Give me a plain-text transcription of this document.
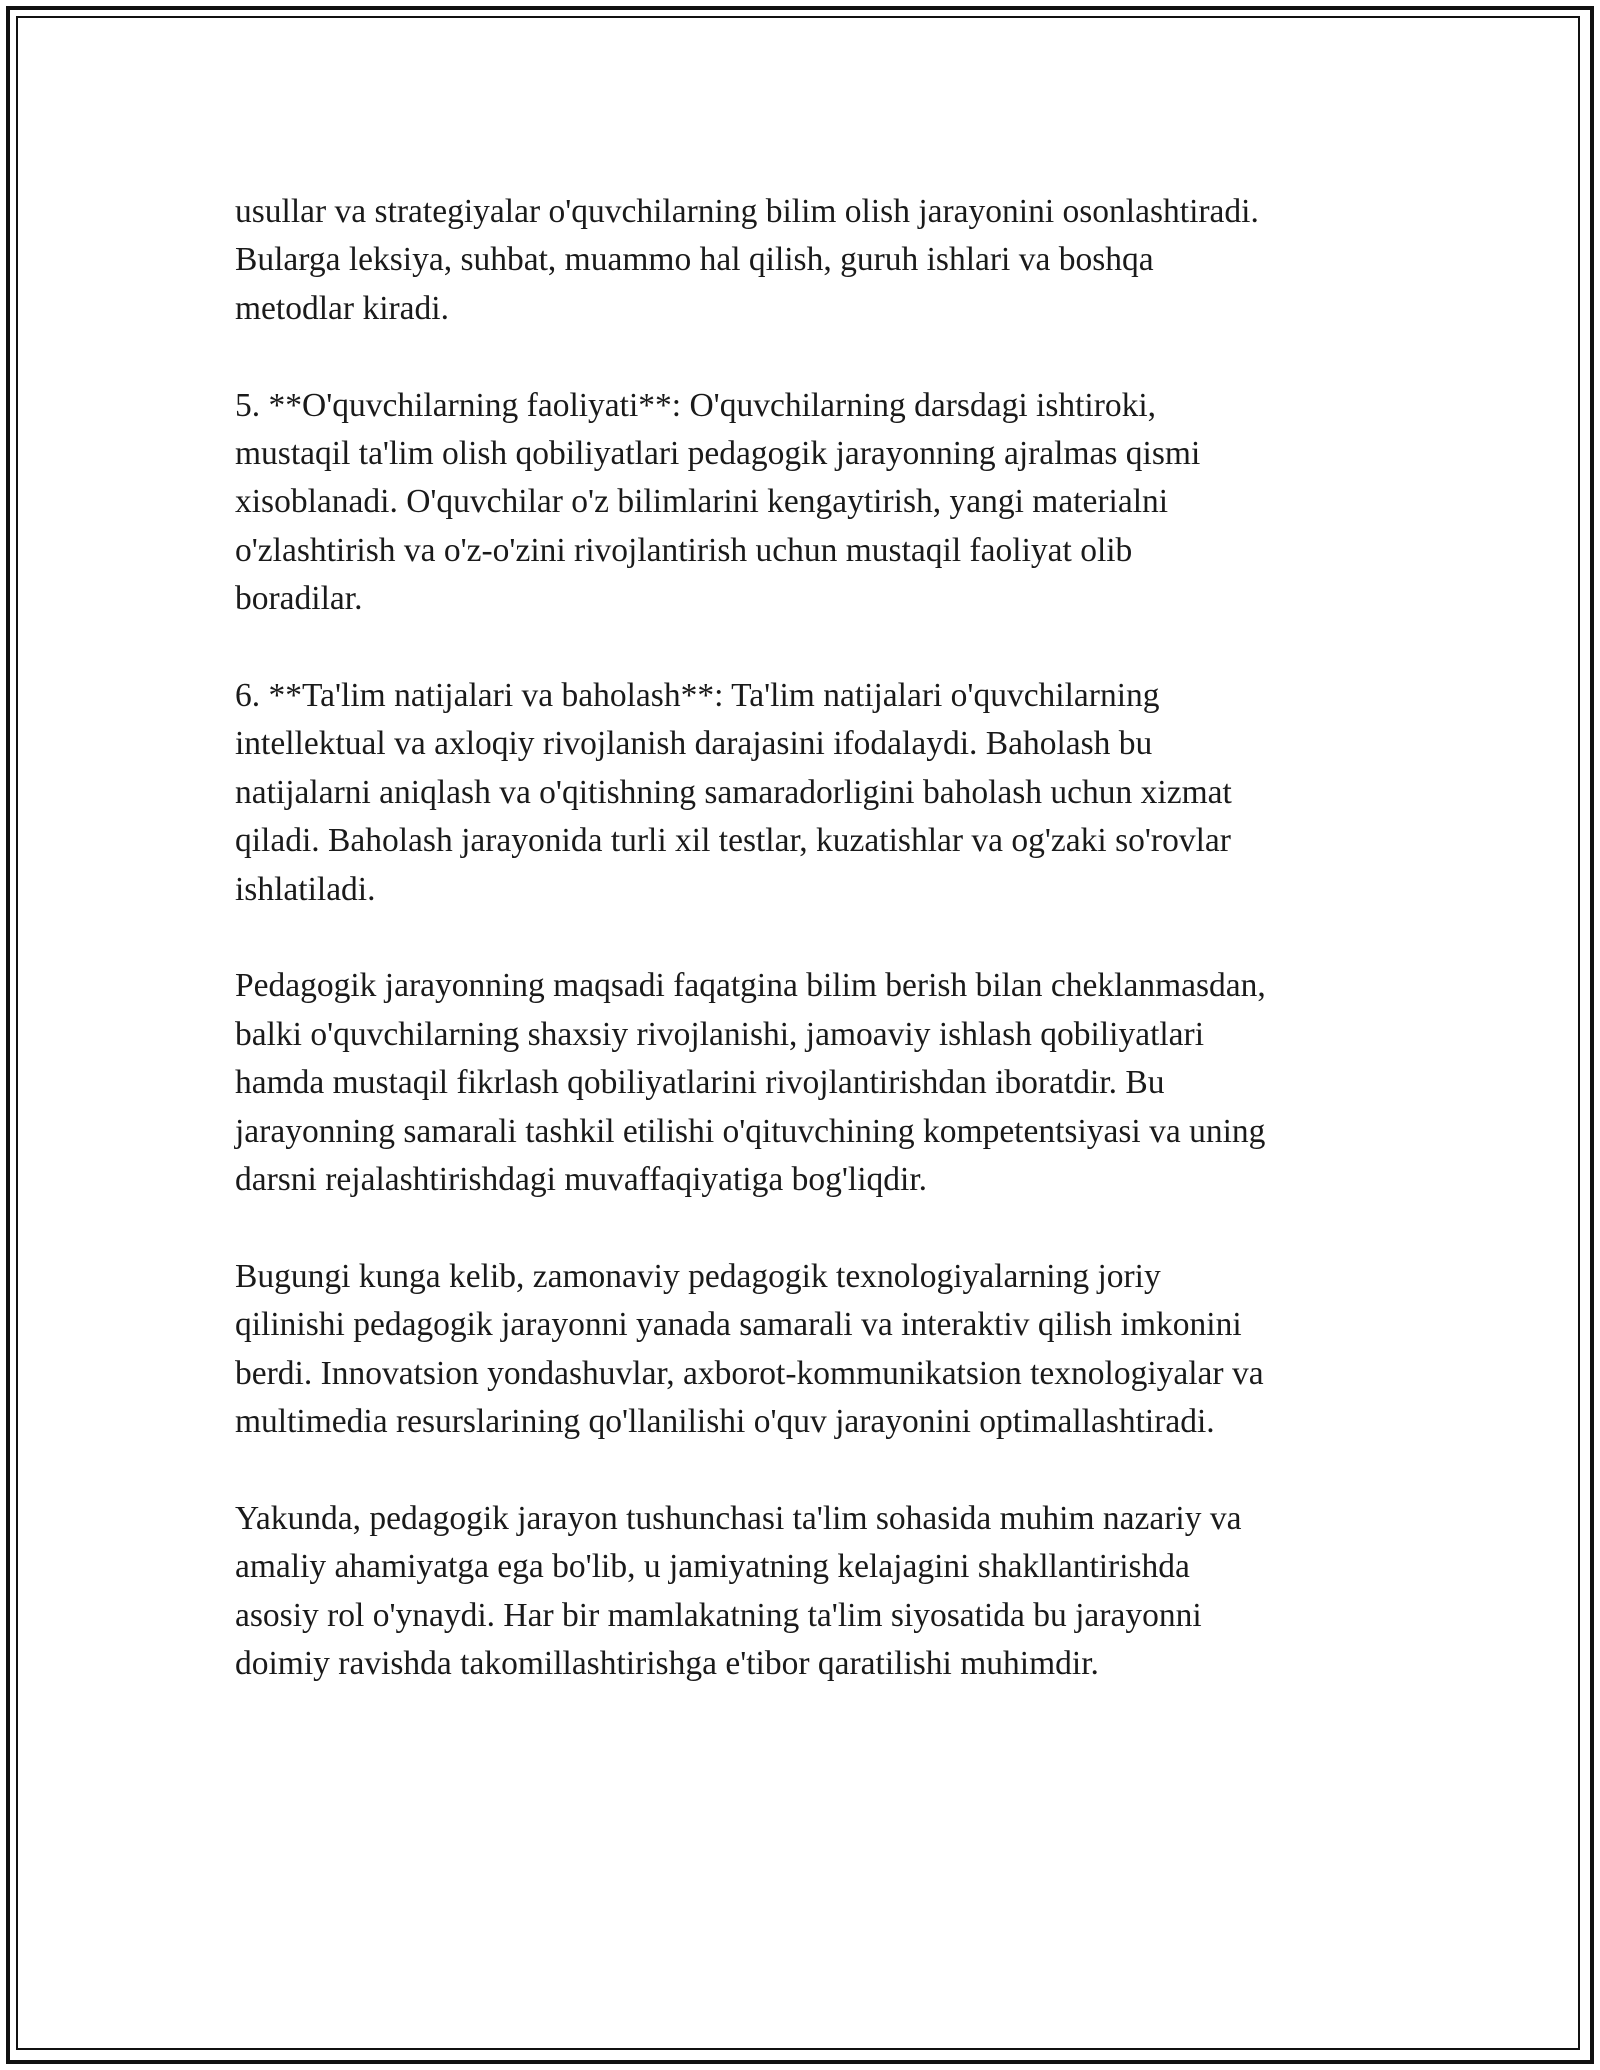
usullar va strategiyalar o'quvchilarning bilim olish jarayonini osonlashtiradi.
Bularga leksiya, suhbat, muammo hal qilish, guruh ishlari va boshqa
metodlar kiradi.

5. **O'quvchilarning faoliyati**: O'quvchilarning darsdagi ishtiroki,
mustaqil ta'lim olish qobiliyatlari pedagogik jarayonning ajralmas qismi
xisoblanadi. O'quvchilar o'z bilimlarini kengaytirish, yangi materialni
o'zlashtirish va o'z-o'zini rivojlantirish uchun mustaqil faoliyat olib
boradilar.

6. **Ta'lim natijalari va baholash**: Ta'lim natijalari o'quvchilarning
intellektual va axloqiy rivojlanish darajasini ifodalaydi. Baholash bu
natijalarni aniqlash va o'qitishning samaradorligini baholash uchun xizmat
qiladi. Baholash jarayonida turli xil testlar, kuzatishlar va og'zaki so'rovlar
ishlatiladi.

Pedagogik jarayonning maqsadi faqatgina bilim berish bilan cheklanmasdan,
balki o'quvchilarning shaxsiy rivojlanishi, jamoaviy ishlash qobiliyatlari
hamda mustaqil fikrlash qobiliyatlarini rivojlantirishdan iboratdir. Bu
jarayonning samarali tashkil etilishi o'qituvchining kompetentsiyasi va uning
darsni rejalashtirishdagi muvaffaqiyatiga bog'liqdir.

Bugungi kunga kelib, zamonaviy pedagogik texnologiyalarning joriy
qilinishi pedagogik jarayonni yanada samarali va interaktiv qilish imkonini
berdi. Innovatsion yondashuvlar, axborot-kommunikatsion texnologiyalar va
multimedia resurslarining qo'llanilishi o'quv jarayonini optimallashtiradi.

Yakunda, pedagogik jarayon tushunchasi ta'lim sohasida muhim nazariy va
amaliy ahamiyatga ega bo'lib, u jamiyatning kelajagini shakllantirishda
asosiy rol o'ynaydi. Har bir mamlakatning ta'lim siyosatida bu jarayonni
doimiy ravishda takomillashtirishga e'tibor qaratilishi muhimdir.
